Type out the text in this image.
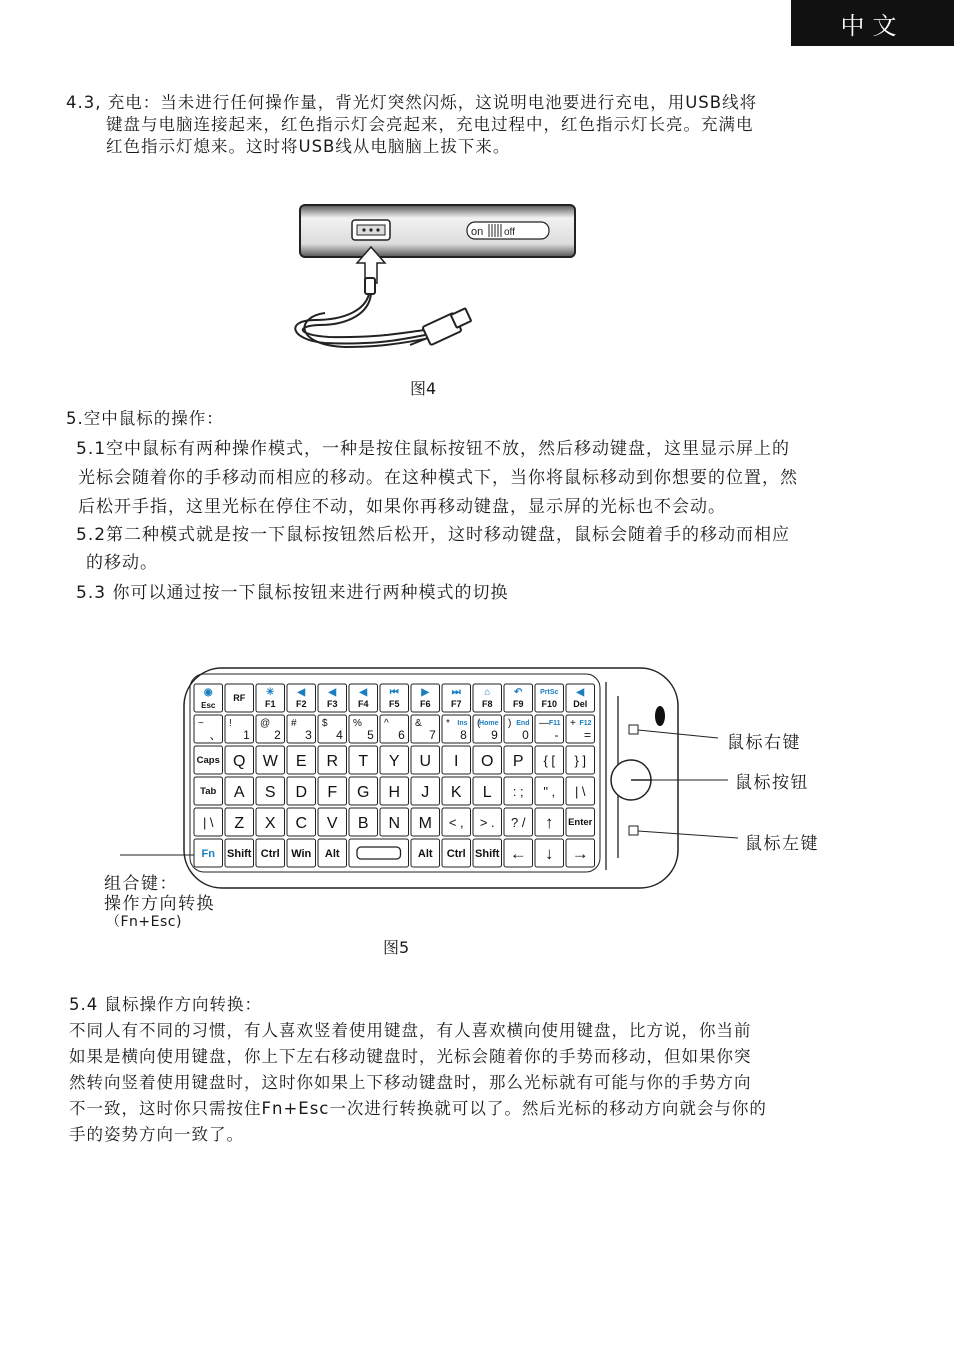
中文

4.3, 充电：当未进行任何操作量，背光灯突然闪烁，这说明电池要进行充电，用USB线将

键盘与电脑连接起来，红色指示灯会亮起来，充电过程中，红色指示灯长亮。充满电

红色指示灯熄来。这时将USB线从电脑脑上拔下来。

on off
图4

5.空中鼠标的操作：

5.1空中鼠标有两种操作模式，一种是按住鼠标按钮不放，然后移动键盘，这里显示屏上的

光标会随着你的手移动而相应的移动。在这种模式下，当你将鼠标移动到你想要的位置，然

后松开手指，这里光标在停住不动，如果你再移动键盘，显示屏的光标也不会动。

5.2第二种模式就是按一下鼠标按钮然后松开，这时移动键盘，鼠标会随着手的移动而相应

的移动。

5.3 你可以通过按一下鼠标按钮来进行两种模式的切换

◉
Esc
RF ✳
F1
◀
F2
◀
F3
◀
F4
⏮
F5
▶
F6
⏭
F7
⌂
F8
↶
F9
PrtSc
F10
◀
Del
~
、
!
1
@
2
#
3
$
4
%
5
^
6
&
7
*
8
Ins (
9
Home )
0
End —
-
F11 +
=
F12
Caps Q W E R T Y U I O P { [ } ]
Tab A S D F G H J K L : ; " , | \
| \ Z X C V B N M < , > . ? / ↑ Enter
Fn Shift Ctrl Win Alt	Alt Ctrl Shift ← ↓ →
鼠标右键
鼠标按钮
鼠标左键
组合键：
操作方向转换
（Fn+Esc)
图5

5.4 鼠标操作方向转换：

不同人有不同的习惯，有人喜欢竖着使用键盘，有人喜欢横向使用键盘，比方说，你当前

如果是横向使用键盘，你上下左右移动键盘时，光标会随着你的手势而移动，但如果你突

然转向竖着使用键盘时，这时你如果上下移动键盘时，那么光标就有可能与你的手势方向

不一致，这时你只需按住Fn+Esc一次进行转换就可以了。然后光标的移动方向就会与你的

手的姿势方向一致了。
